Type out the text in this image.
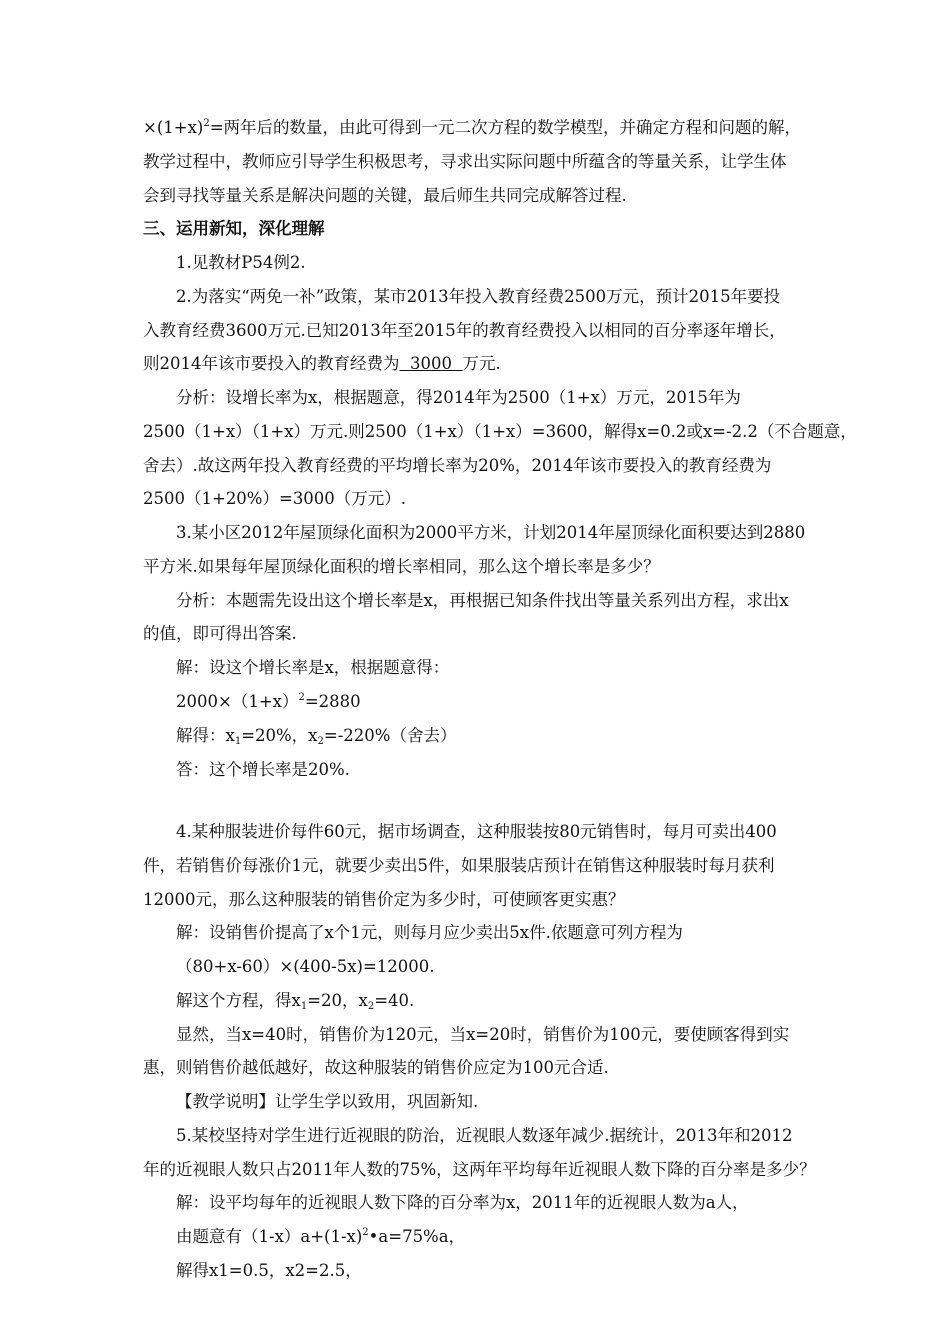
$\times(1+x)^2=$两年后的数量，由此可得到一元二次方程的数学模型，并确定方程和问题的解，
教学过程中，教师应引导学生积极思考，寻求出实际问题中所蕴含的等量关系，让学生体
会到寻找等量关系是解决问题的关键，最后师生共同完成解答过程.
三、运用新知，深化理解
1.见教材P54例2.
2.为落实“两免一补”政策，某市2013年投入教育经费2500万元，预计2015年要投
入教育经费3600万元.已知2013年至2015年的教育经费投入以相同的百分率逐年增长，
则2014年该市要投入的教育经费为  3000  万元.
分析：设增长率为x，根据题意，得2014年为2500（1+x）万元，2015年为
2500（1+x）（1+x）万元.则2500（1+x）（1+x）=3600，解得x=0.2或x=-2.2（不合题意，
舍去）.故这两年投入教育经费的平均增长率为20%，2014年该市要投入的教育经费为
2500（1+20%）=3000（万元）.
3.某小区2012年屋顶绿化面积为2000平方米，计划2014年屋顶绿化面积要达到2880
平方米.如果每年屋顶绿化面积的增长率相同，那么这个增长率是多少？
分析：本题需先设出这个增长率是x，再根据已知条件找出等量关系列出方程，求出x
的值，即可得出答案.
解：设这个增长率是x，根据题意得：
$2000\times(1+x)^2=2880$
解得：$x_1=20\%$，$x_2=-220\%$（舍去）
答：这个增长率是20%.
4.某种服装进价每件60元，据市场调查，这种服装按80元销售时，每月可卖出400
件，若销售价每涨价1元，就要少卖出5件，如果服装店预计在销售这种服装时每月获利
12000元，那么这种服装的销售价定为多少时，可使顾客更实惠？
解：设销售价提高了x个1元，则每月应少卖出5x件.依题意可列方程为
（80+x-60）×(400-5x)=12000.
解这个方程，得$x_1=20$，$x_2=40$.
显然，当x=40时，销售价为120元，当x=20时，销售价为100元，要使顾客得到实
惠，则销售价越低越好，故这种服装的销售价应定为100元合适.
【教学说明】让学生学以致用，巩固新知.
5.某校坚持对学生进行近视眼的防治，近视眼人数逐年减少.据统计，2013年和2012
年的近视眼人数只占2011年人数的75%，这两年平均每年近视眼人数下降的百分率是多少？
解：设平均每年的近视眼人数下降的百分率为x，2011年的近视眼人数为a人，
由题意有$(1-x)a+(1-x)^2•a=75\%a$，
解得x1=0.5，x2=2.5，
